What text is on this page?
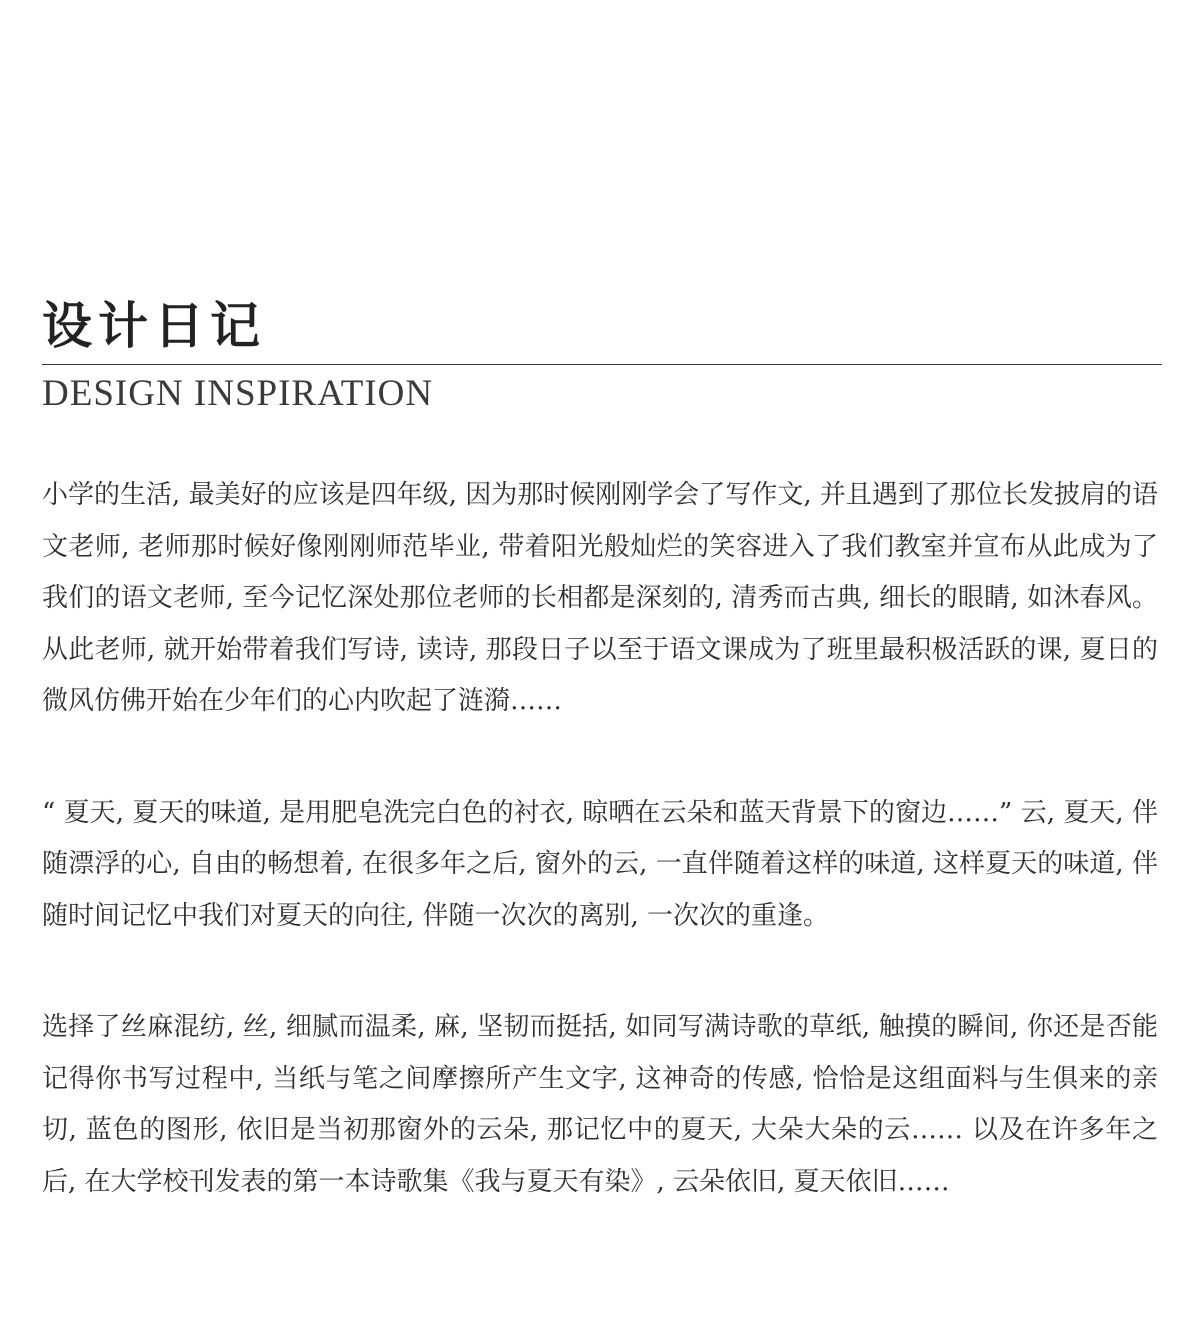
设计日记
DESIGN INSPIRATION

小学的生活, 最美好的应该是四年级, 因为那时候刚刚学会了写作文, 并且遇到了那位长发披肩的语文老师, 老师那时候好像刚刚师范毕业, 带着阳光般灿烂的笑容进入了我们教室并宣布从此成为了我们的语文老师, 至今记忆深处那位老师的长相都是深刻的, 清秀而古典, 细长的眼睛, 如沐春风。从此老师, 就开始带着我们写诗, 读诗, 那段日子以至于语文课成为了班里最积极活跃的课, 夏日的微风仿佛开始在少年们的心内吹起了涟漪……

“ 夏天, 夏天的味道, 是用肥皂洗完白色的衬衣, 晾晒在云朵和蓝天背景下的窗边……” 云, 夏天, 伴随漂浮的心, 自由的畅想着, 在很多年之后, 窗外的云, 一直伴随着这样的味道, 这样夏天的味道, 伴随时间记忆中我们对夏天的向往, 伴随一次次的离别, 一次次的重逢。

选择了丝麻混纺, 丝, 细腻而温柔, 麻, 坚韧而挺括, 如同写满诗歌的草纸, 触摸的瞬间, 你还是否能记得你书写过程中, 当纸与笔之间摩擦所产生文字, 这神奇的传感, 恰恰是这组面料与生俱来的亲切, 蓝色的图形, 依旧是当初那窗外的云朵, 那记忆中的夏天, 大朵大朵的云…… 以及在许多年之后, 在大学校刊发表的第一本诗歌集《我与夏天有染》, 云朵依旧, 夏天依旧……
